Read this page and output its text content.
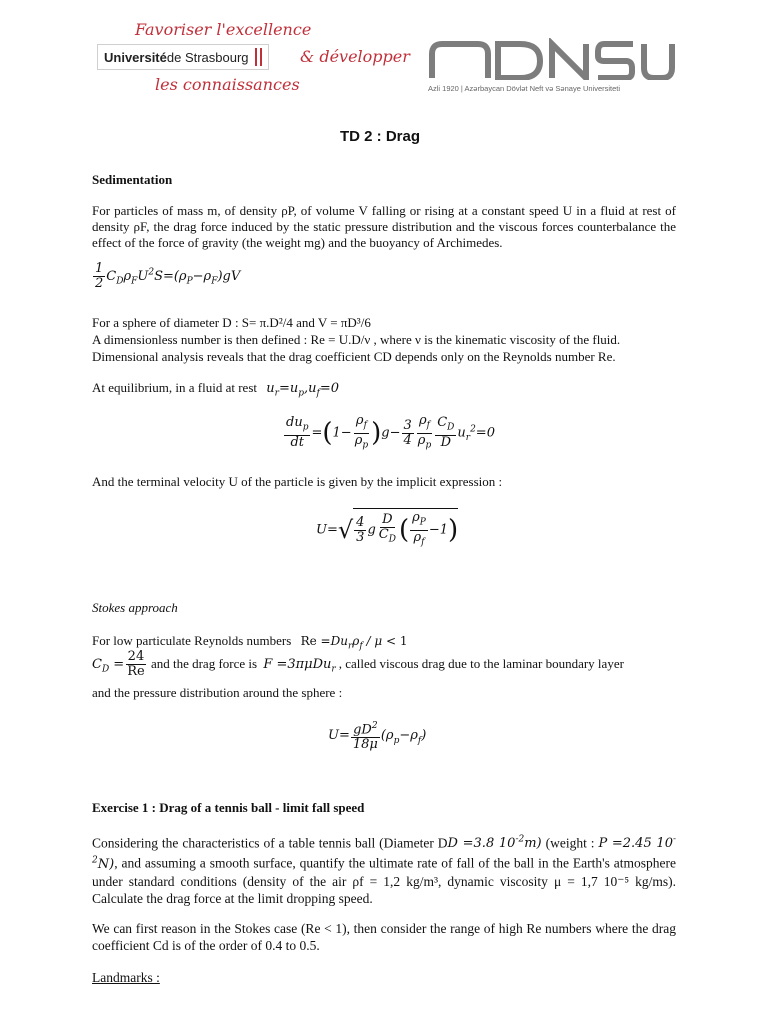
Favoriser l'excellence
Université de Strasbourg	& développer
les connaissances	Azli 1920 | Azərbaycan Dövlət Neft və Sənaye Universiteti
TD 2 : Drag
Sedimentation
For particles of mass m, of density ρP, of volume V falling or rising at a constant speed U in a fluid at rest of density ρF, the drag force induced by the static pressure distribution and the viscous forces counterbalance the effect of the force of gravity (the weight mg) and the buoyancy of Archimedes.
$\frac{1}{2} C_D\rho_FU^2S=(\rho_P-\rho_F)gV$
For a sphere of diameter D : S= π.D²/4 and V = πD³/6
A dimensionless number is then defined : Re = U.D/ν , where ν is the kinematic viscosity of the fluid.
Dimensional analysis reveals that the drag coefficient CD depends only on the Reynolds number Re.
At equilibrium, in a fluid at rest $u_r=u_p,u_f=0$
$\frac{du_p}{dt} =(1- \frac{\rho_f}{\rho_p} )g- \frac{3}{4} \frac{\rho_f}{\rho_p} \frac{C_D}{D} u_r^2=0$
And the terminal velocity U of the particle is given by the implicit expression :
$U=√ \frac{4}{3}$ g $\frac{D}{C_D}$ ( $\frac{\rho_P}{\rho_f} -1$)
Stokes approach
For low particulate Reynolds numbers $Re =Du_r\rho_f / \mu < 1$
$C_D = \frac{24}{Re}$ and the drag force is F =3πμDu$_r$ , called viscous drag due to the laminar boundary layer
and the pressure distribution around the sphere :
$U= \frac{gD^2}{18\mu} (\rho_p-\rho_f)$
Exercise 1 : Drag of a tennis ball - limit fall speed
Considering the characteristics of a table tennis ball (Diameter DD =3.8 $10^{-2}m$) (weight : P =2.45 $10^{-2}N$), and assuming a smooth surface, quantify the ultimate rate of fall of the ball in the Earth's atmosphere under standard conditions (density of the air ρf = 1,2 kg/m³, dynamic viscosity μ = 1,7 10⁻⁵ kg/ms). Calculate the drag force at the limit dropping speed.
We can first reason in the Stokes case (Re < 1), then consider the range of high Re numbers where the drag coefficient Cd is of the order of 0.4 to 0.5.
Landmarks :
